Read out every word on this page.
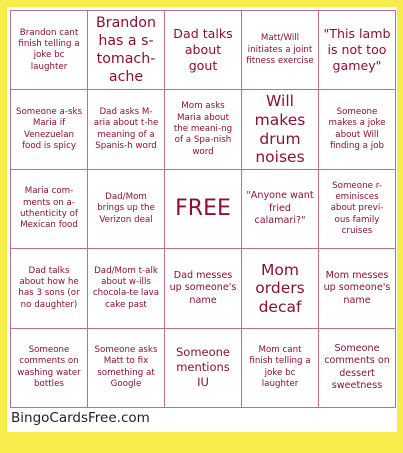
Brandon cant finish telling a joke bc laughter
Brandon has a s-tomach-ache
Dad talks about gout
Matt/Will initiates a joint fitness exercise
"This lamb is not too gamey"
Someone a-sks Maria if Venezuelan food is spicy
Dad asks M-aria about t-he meaning of a Spanis-h word
Mom asks Maria about the meani-ng of a Spa-nish word
Will makes drum noises
Someone makes a joke about Will finding a job
Maria com-ments on a-uthenticity of Mexican food
Dad/Mom brings up the Verizon deal	FREE	"Anyone want fried calamari?"
Someone r-eminisces about previ-ous family cruises
Dad talks about how he has 3 sons (or no daughter)
Dad/Mom t-alk about w-ills chocola-te lava cake past
Dad messes up someone's name
Mom orders decaf
Mom messes up someone's name
Someone comments on washing water bottles
Someone asks Matt to fix something at Google
Someone mentions IU
Mom cant finish telling a joke bc laughter
Someone comments on dessert sweetness
BingoCardsFree.com
